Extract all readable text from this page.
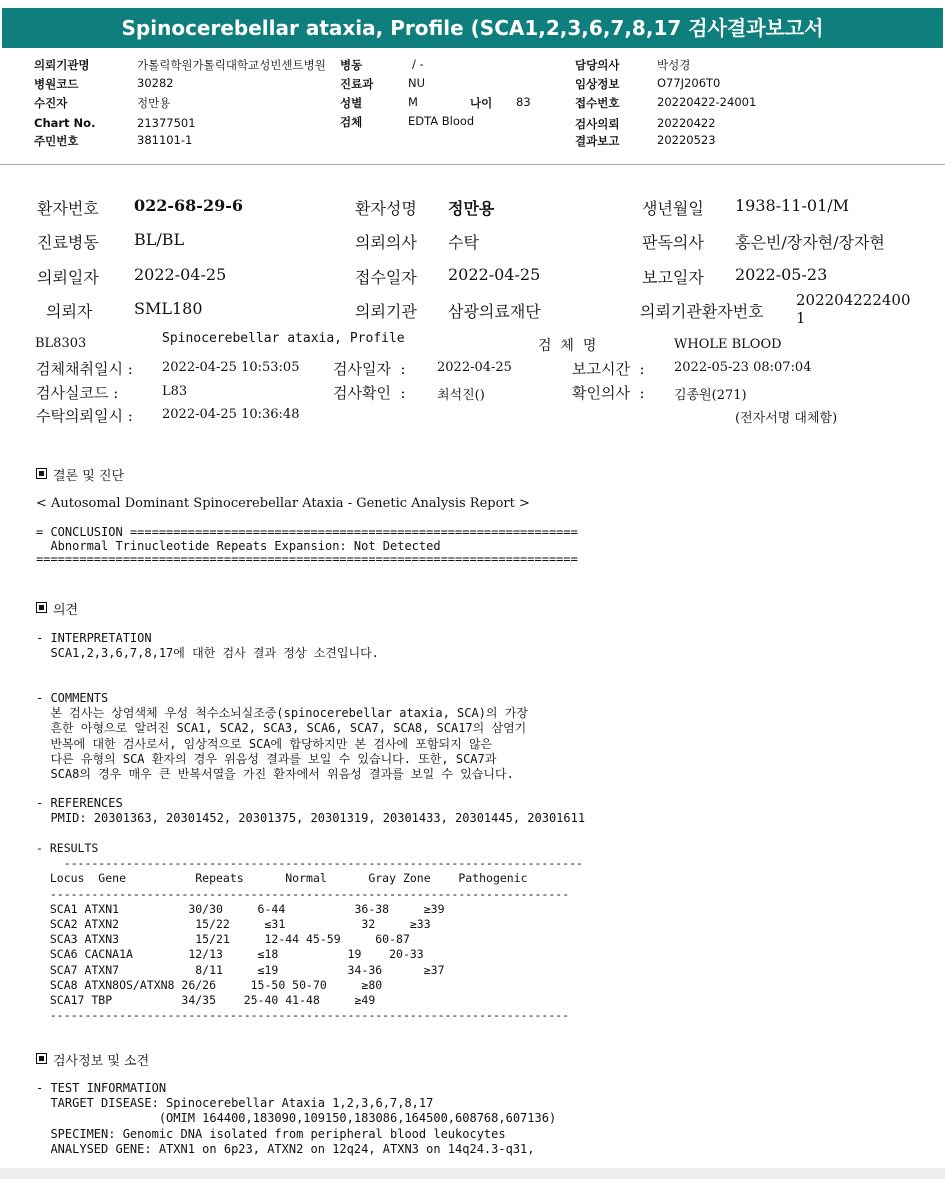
Spinocerebellar ataxia, Profile (SCA1,2,3,6,7,8,17 검사결과보고서
의뢰기관명	가톨릭학원가톨릭대학교성빈센트병원 병동	/ -	담당의사	박성경
병원코드	30282	진료과	NU	임상정보	O77J206T0
수진자	정만용	성별	M	나이 83	접수번호	20220422-24001
Chart No.	21377501	검체	EDTA Blood	검사의뢰	20220422
주민번호	381101-1	결과보고	20220523
환자번호 022-68-29-6	환자성명 정만용	생년월일 1938-11-01/M
진료병동 BL/BL	의뢰의사 수탁	판독의사 홍은빈/장자현/장자현
의뢰일자 2022-04-25	접수일자 2022-04-25	보고일자 2022-05-23
의뢰자	SML180	의뢰기관 삼광의료재단	의뢰기관환자번호
202204222400
1
BL8303	Spinocerebellar ataxia, Profile	검  체  명	WHOLE BLOOD
검체채취일시 : 2022-04-25 10:53:05 검사일자  : 2022-04-25	보고시간  : 2022-05-23 08:07:04
검사실코드 :	L83	검사확인  : 최석진()	확인의사  : 김종원(271)
수탁의뢰일시 : 2022-04-25 10:36:48	(전자서명 대체함)
결론 및 진단
< Autosomal Dominant Spinocerebellar Ataxia - Genetic Analysis Report >
= CONCLUSION ==============================================================
Abnormal Trinucleotide Repeats Expansion: Not Detected
===========================================================================
의견
- INTERPRETATION
SCA1,2,3,6,7,8,17에 대한 검사 결과 정상 소견입니다.
- COMMENTS
본 검사는 상염색체 우성 척수소뇌실조증(spinocerebellar ataxia, SCA)의 가장
흔한 아형으로 알려진 SCA1, SCA2, SCA3, SCA6, SCA7, SCA8, SCA17의 삼염기
반복에 대한 검사로서, 임상적으로 SCA에 합당하지만 본 검사에 포함되지 않은
다른 유형의 SCA 환자의 경우 위음성 결과를 보일 수 있습니다. 또한, SCA7과
SCA8의 경우 매우 큰 반복서열을 가진 환자에서 위음성 결과를 보일 수 있습니다.
- REFERENCES
PMID: 20301363, 20301452, 20301375, 20301319, 20301433, 20301445, 20301611
- RESULTS
---------------------------------------------------------------------------
Locus  Gene          Repeats      Normal      Gray Zone    Pathogenic
---------------------------------------------------------------------------
SCA1 ATXN1          30/30     6-44          36-38     ≥39
SCA2 ATXN2           15/22     ≤31           32     ≥33
SCA3 ATXN3           15/21     12-44 45-59     60-87
SCA6 CACNA1A        12/13     ≤18          19    20-33
SCA7 ATXN7           8/11     ≤19          34-36      ≥37
SCA8 ATXN8OS/ATXN8 26/26     15-50 50-70     ≥80
SCA17 TBP          34/35    25-40 41-48     ≥49
---------------------------------------------------------------------------
검사정보 및 소견
- TEST INFORMATION
TARGET DISEASE: Spinocerebellar Ataxia 1,2,3,6,7,8,17
(OMIM 164400,183090,109150,183086,164500,608768,607136)
SPECIMEN: Genomic DNA isolated from peripheral blood leukocytes
ANALYSED GENE: ATXN1 on 6p23, ATXN2 on 12q24, ATXN3 on 14q24.3-q31,
